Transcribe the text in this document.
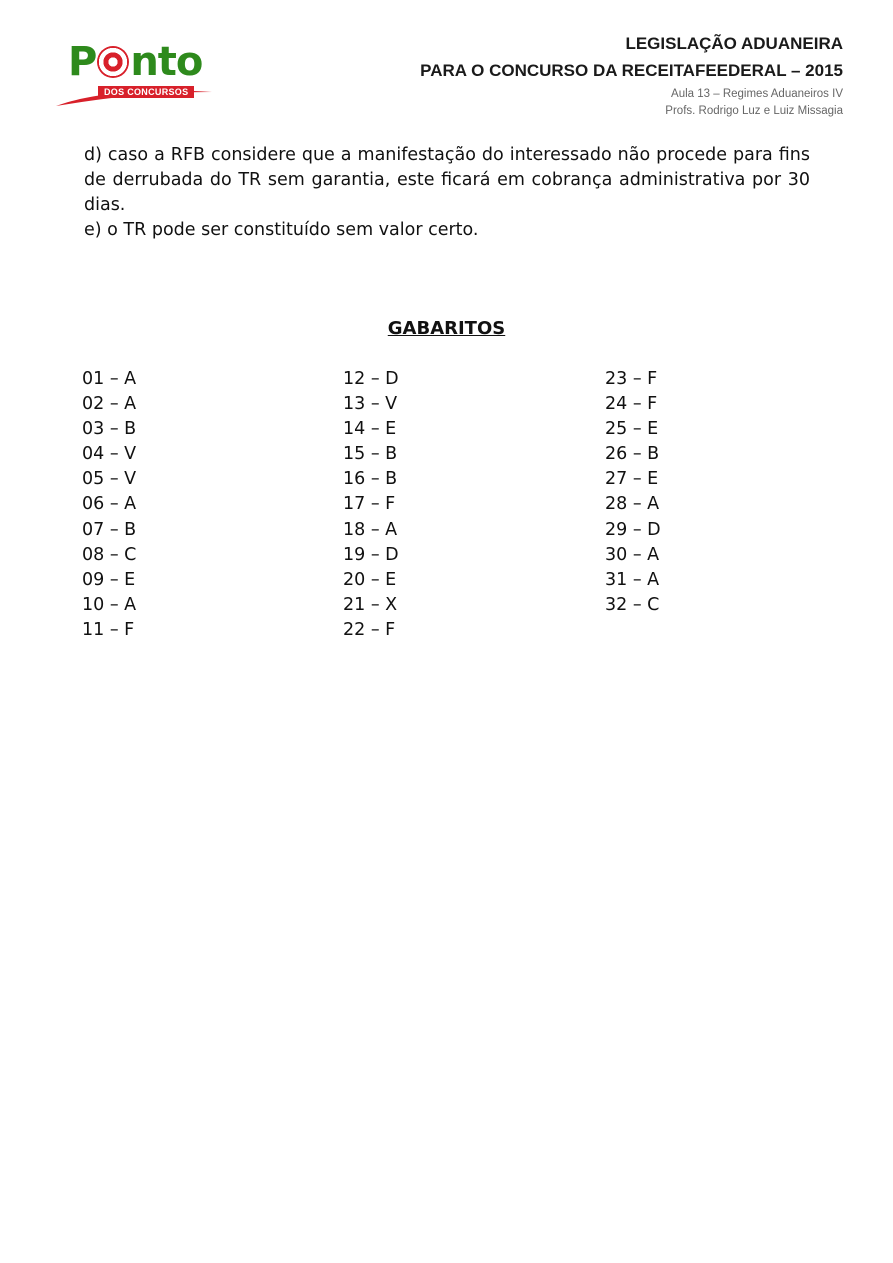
P nto
DOS CONCURSOS
LEGISLAÇÃO ADUANEIRA
PARA O CONCURSO DA RECEITAFEEDERAL – 2015
Aula 13 – Regimes Aduaneiros IV
Profs. Rodrigo Luz e Luiz Missagia
d) caso a RFB considere que a manifestação do interessado não procede para fins de derrubada do TR sem garantia, este ficará em cobrança administrativa por 30 dias.
e) o TR pode ser constituído sem valor certo.
GABARITOS
01 – A
02 – A
03 – B
04 – V
05 – V
06 – A
07 – B
08 – C
09 – E
10 – A
11 – F
12 – D
13 – V
14 – E
15 – B
16 – B
17 – F
18 – A
19 – D
20 – E
21 – X
22 – F
23 – F
24 – F
25 – E
26 – B
27 – E
28 – A
29 – D
30 – A
31 – A
32 – C
